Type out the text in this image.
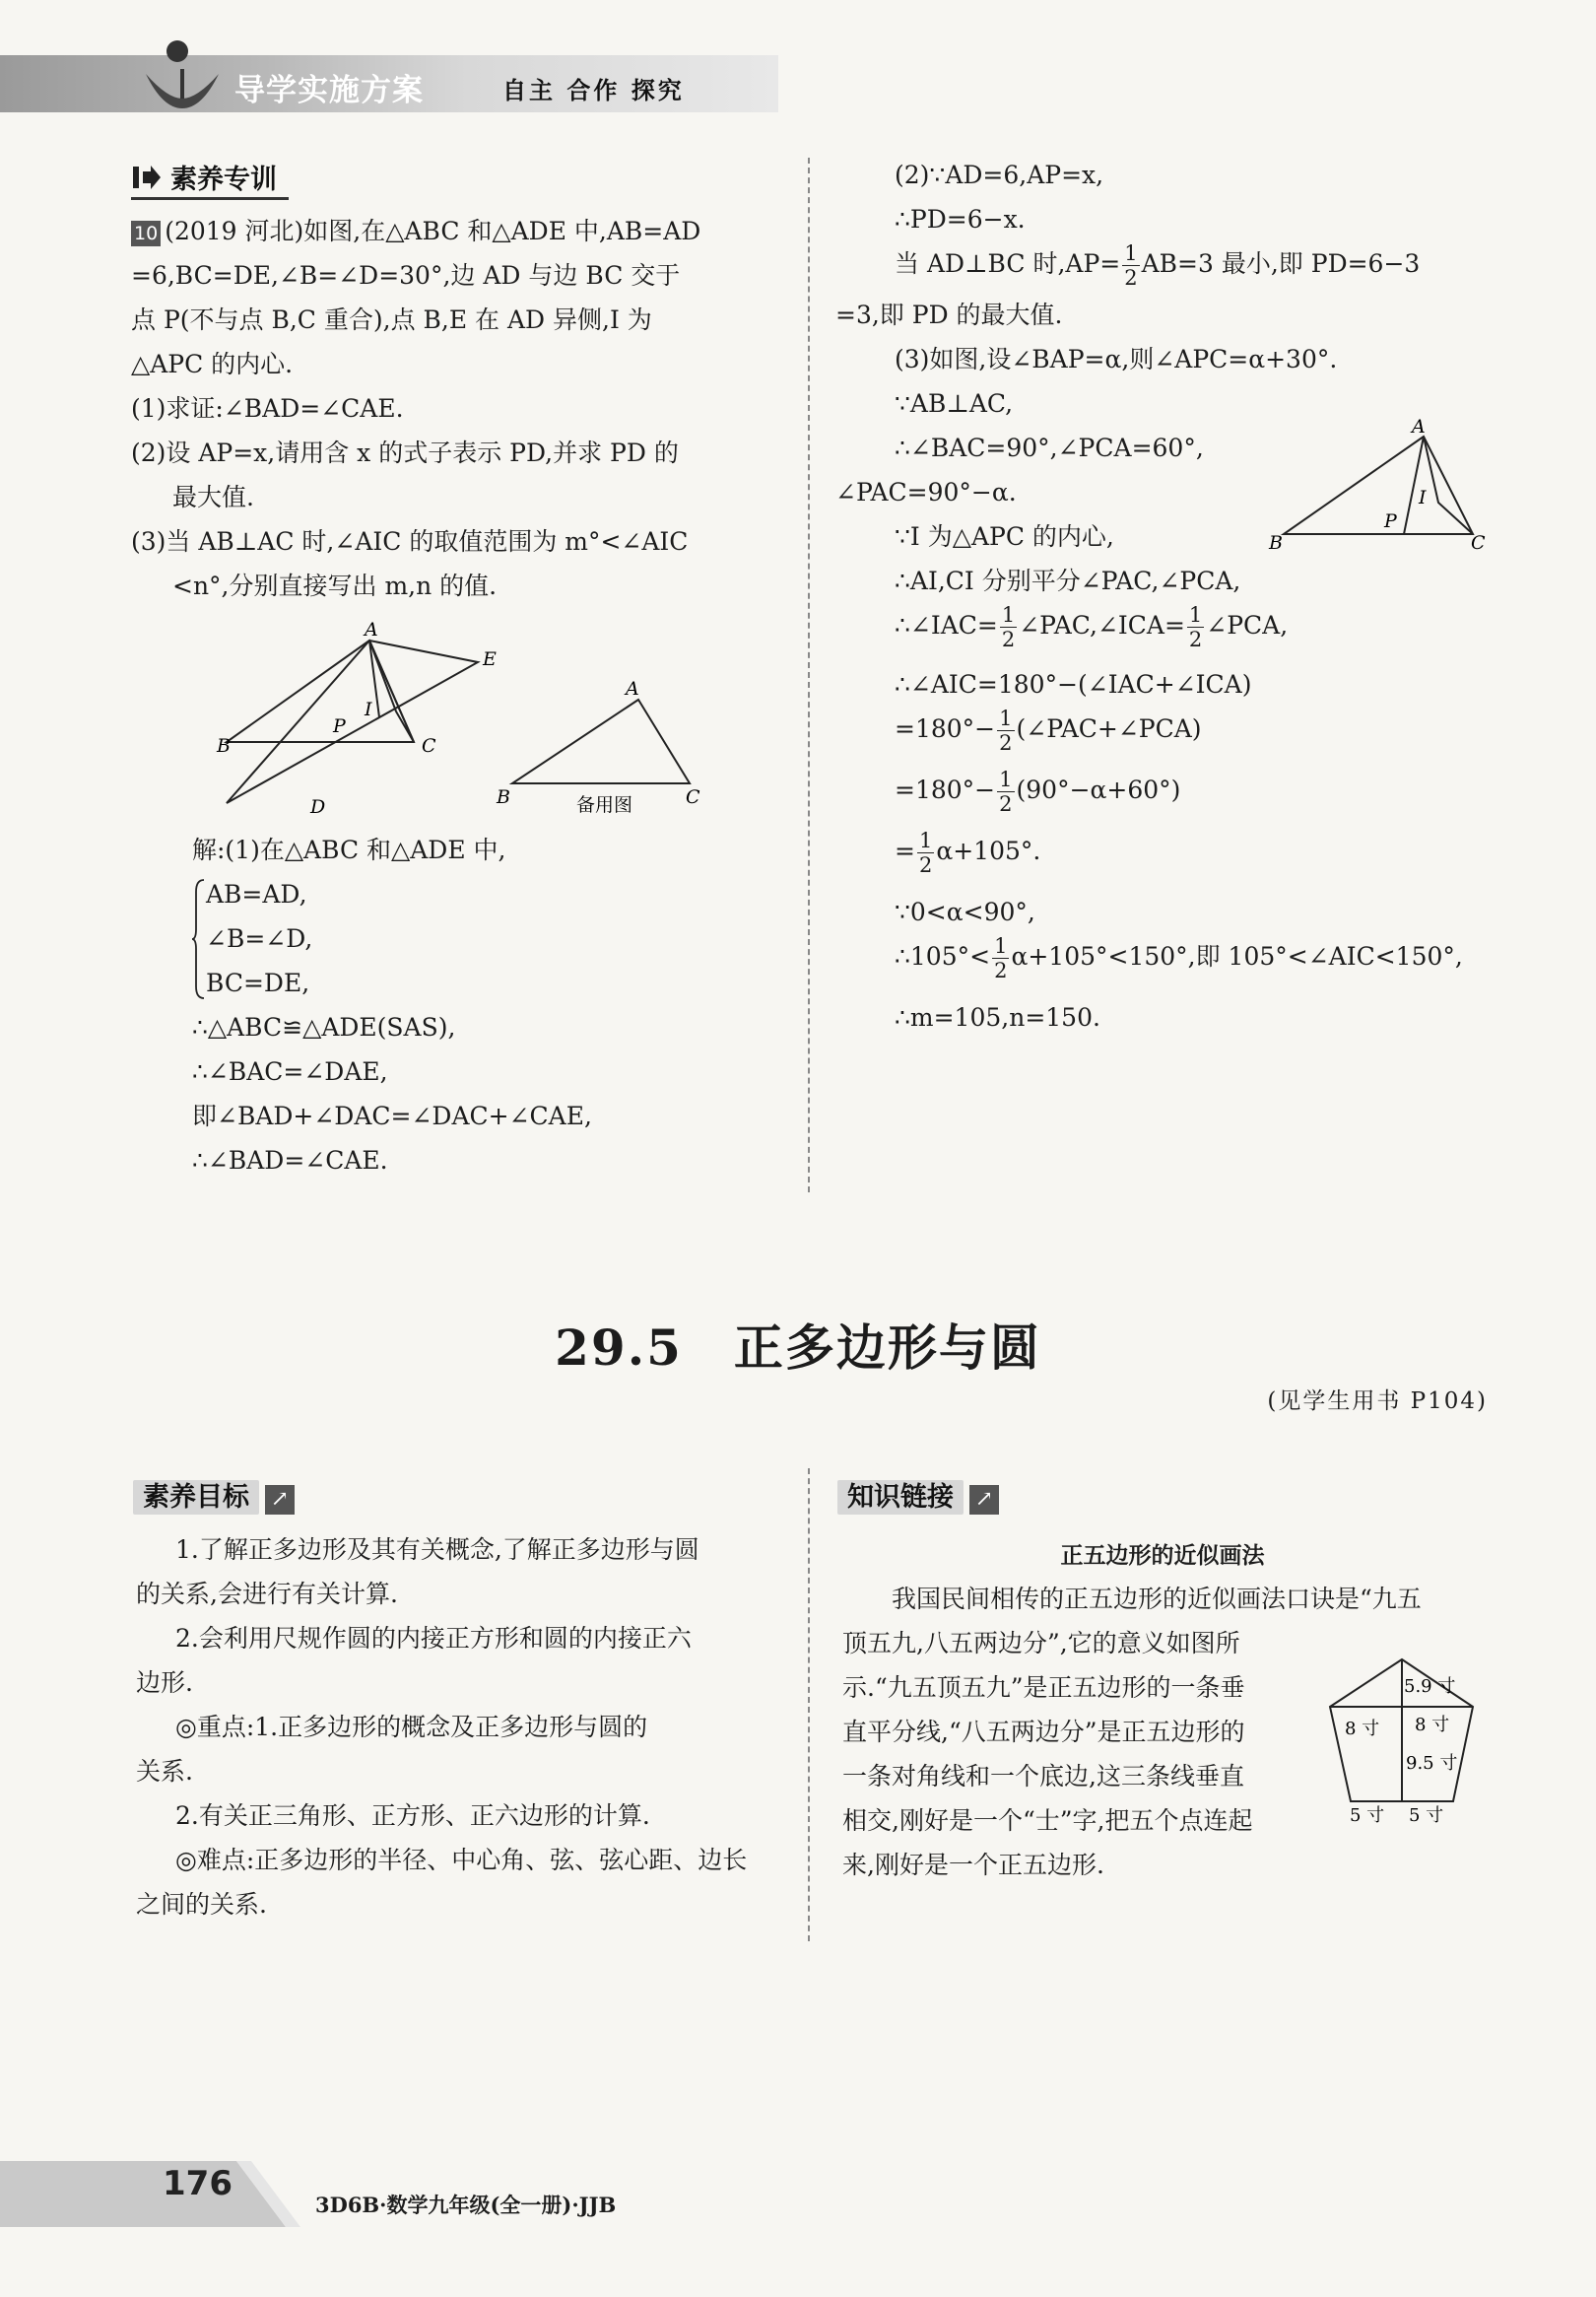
导学实施方案	自主 合作 探究
素养专训
10 (2019 河北)如图,在△ABC 和△ADE 中,AB=AD
=6,BC=DE,∠B=∠D=30°,边 AD 与边 BC 交于
点 P(不与点 B,C 重合),点 B,E 在 AD 异侧,I 为
△APC 的内心.
(1)求证:∠BAD=∠CAE.
(2)设 AP=x,请用含 x 的式子表示 PD,并求 PD 的
最大值.
(3)当 AB⊥AC 时,∠AIC 的取值范围为 m°<∠AIC
<n°,分别直接写出 m,n 的值.
A
E
B
P
I
C
D
A
B	C
备用图
解:(1)在△ABC 和△ADE 中,
AB=AD,
∠B=∠D,
BC=DE,
∴△ABC≌△ADE(SAS),
∴∠BAC=∠DAE,
即∠BAD+∠DAC=∠DAC+∠CAE,
∴∠BAD=∠CAE.
(2)∵AD=6,AP=x,
∴PD=6−x.
当 AD⊥BC 时$,AP= \frac{1}{2} AB=3$ 最小,即 PD=6−3
=3,即 PD 的最大值.
(3)如图,设∠BAP=α,则∠APC=α+30°.
∵AB⊥AC,
∴∠BAC=90°,∠PCA=60°,
∠PAC=90°−α.
∵I 为△APC 的内心,
∴AI,CI 分别平分∠PAC,∠PCA,
∴∠IAC= $\frac{1}{2}$ ∠PAC,∠ICA= $\frac{1}{2}$ ∠PCA,
∴∠AIC=180°−(∠IAC+∠ICA)
$=180^\circ- \frac{1}{2}$ (∠PAC+∠PCA)
$=180^\circ- \frac{1}{2} (90^\circ-\alpha+60^\circ)$
= $\frac{1}{2} \alpha+105^\circ$.
∵0<α<90°,
∴105°< $\frac{1}{2} \alpha+105^\circ<150^\circ$,即 105°<∠AIC<150°,
∴m=105,n=150.
A
B
P
I
C
29.5　正多边形与圆
(见学生用书 P104)
素养目标 ↗
1.了解正多边形及其有关概念,了解正多边形与圆
的关系,会进行有关计算.
2.会利用尺规作圆的内接正方形和圆的内接正六
边形.
◎重点:1.正多边形的概念及正多边形与圆的
关系.
2.有关正三角形、正方形、正六边形的计算.
◎难点:正多边形的半径、中心角、弦、弦心距、边长
之间的关系.
知识链接 ↗
正五边形的近似画法
我国民间相传的正五边形的近似画法口诀是“九五
顶五九,八五两边分”,它的意义如图所
示.“九五顶五九”是正五边形的一条垂
直平分线,“八五两边分”是正五边形的
一条对角线和一个底边,这三条线垂直
相交,刚好是一个“士”字,把五个点连起
来,刚好是一个正五边形.
5.9 寸
8 寸 8 寸
9.5 寸
5 寸 5 寸
176
3D6B·数学九年级(全一册)·JJB
